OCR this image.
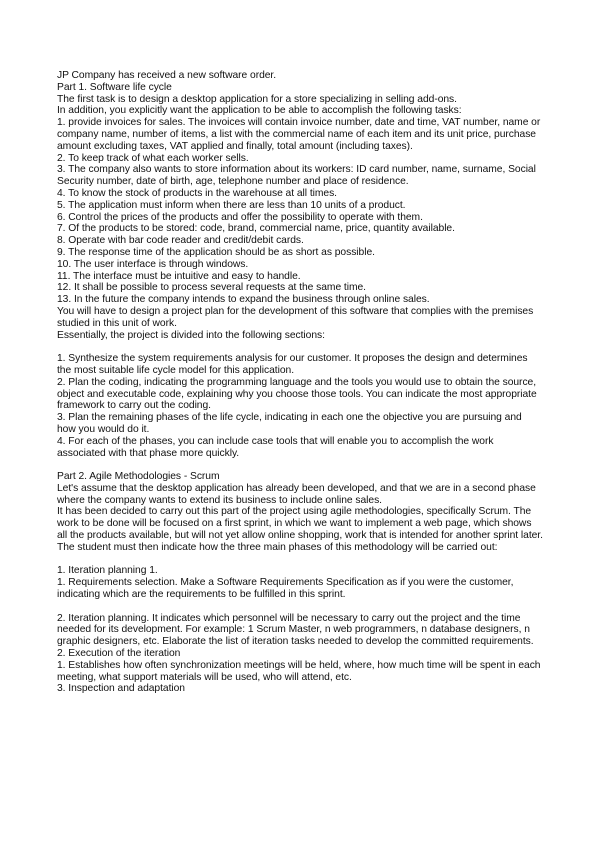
JP Company has received a new software order.

Part 1. Software life cycle

The first task is to design a desktop application for a store specializing in selling add-ons.

In addition, you explicitly want the application to be able to accomplish the following tasks:

1. provide invoices for sales. The invoices will contain invoice number, date and time, VAT number, name or company name, number of items, a list with the commercial name of each item and its unit price, purchase amount excluding taxes, VAT applied and finally, total amount (including taxes).

2. To keep track of what each worker sells.

3. The company also wants to store information about its workers: ID card number, name, surname, Social Security number, date of birth, age, telephone number and place of residence.

4. To know the stock of products in the warehouse at all times.

5. The application must inform when there are less than 10 units of a product.

6. Control the prices of the products and offer the possibility to operate with them.

7. Of the products to be stored: code, brand, commercial name, price, quantity available.

8. Operate with bar code reader and credit/debit cards.

9. The response time of the application should be as short as possible.

10. The user interface is through windows.

11. The interface must be intuitive and easy to handle.

12. It shall be possible to process several requests at the same time.

13. In the future the company intends to expand the business through online sales.

You will have to design a project plan for the development of this software that complies with the premises studied in this unit of work.

Essentially, the project is divided into the following sections:

1. Synthesize the system requirements analysis for our customer. It proposes the design and determines the most suitable life cycle model for this application.

2. Plan the coding, indicating the programming language and the tools you would use to obtain the source, object and executable code, explaining why you choose those tools. You can indicate the most appropriate framework to carry out the coding.

3. Plan the remaining phases of the life cycle, indicating in each one the objective you are pursuing and how you would do it.

4. For each of the phases, you can include case tools that will enable you to accomplish the work associated with that phase more quickly.

Part 2. Agile Methodologies - Scrum

Let's assume that the desktop application has already been developed, and that we are in a second phase where the company wants to extend its business to include online sales.

It has been decided to carry out this part of the project using agile methodologies, specifically Scrum. The work to be done will be focused on a first sprint, in which we want to implement a web page, which shows all the products available, but will not yet allow online shopping, work that is intended for another sprint later.

The student must then indicate how the three main phases of this methodology will be carried out:

1. Iteration planning 1.

1. Requirements selection. Make a Software Requirements Specification as if you were the customer, indicating which are the requirements to be fulfilled in this sprint.

2. Iteration planning. It indicates which personnel will be necessary to carry out the project and the time needed for its development. For example: 1 Scrum Master, n web programmers, n database designers, n graphic designers, etc. Elaborate the list of iteration tasks needed to develop the committed requirements.

2. Execution of the iteration

1. Establishes how often synchronization meetings will be held, where, how much time will be spent in each meeting, what support materials will be used, who will attend, etc.

3. Inspection and adaptation
